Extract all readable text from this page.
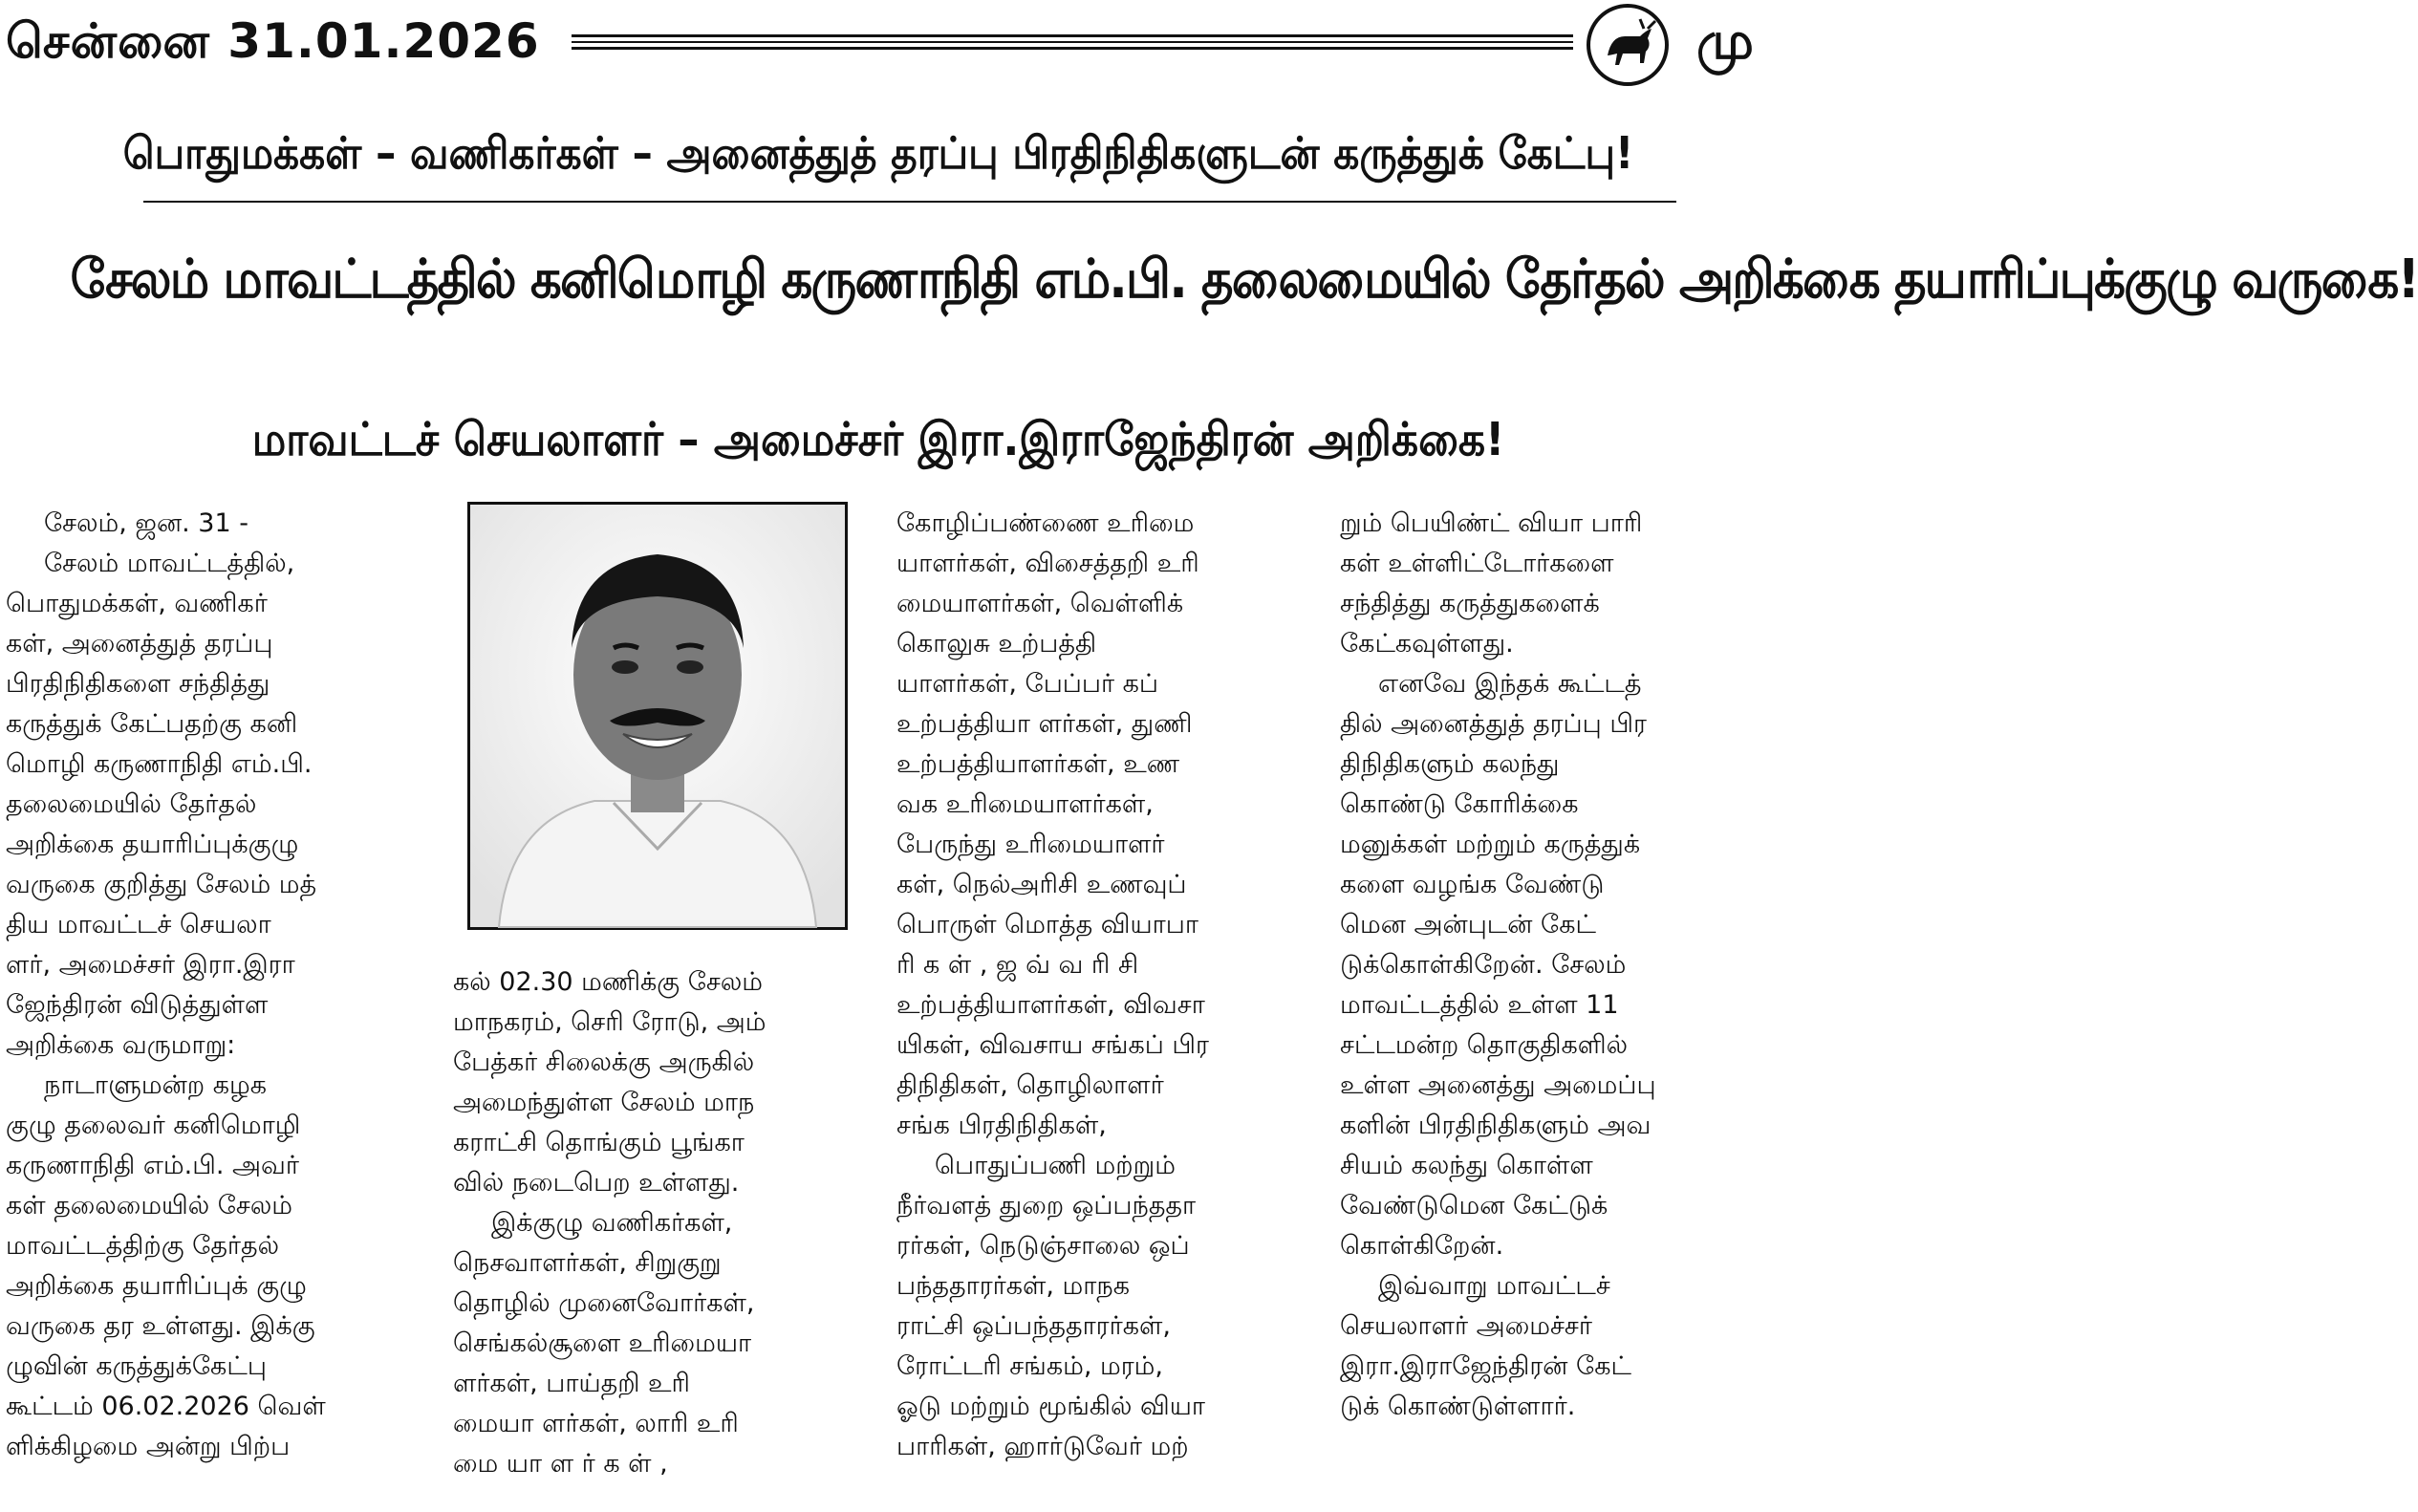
சென்னை 31.01.2026	மு
பொதுமக்கள் – வணிகர்கள் – அனைத்துத் தரப்பு பிரதிநிதிகளுடன் கருத்துக் கேட்பு!
சேலம் மாவட்டத்தில் கனிமொழி கருணாநிதி எம்.பி. தலைமையில் தேர்தல் அறிக்கை தயாரிப்புக்குழு வருகை!
மாவட்டச் செயலாளர் – அமைச்சர் இரா.இராஜேந்திரன் அறிக்கை!

சேலம், ஜன. 31 -

சேலம் மாவட்டத்தில்,

பொதுமக்கள், வணிகர்

கள், அனைத்துத் தரப்பு

பிரதிநிதிகளை சந்தித்து

கருத்துக் கேட்பதற்கு கனி

மொழி கருணாநிதி எம்.பி.

தலைமையில் தேர்தல்

அறிக்கை தயாரிப்புக்குழு

வருகை குறித்து சேலம் மத்

திய மாவட்டச் செயலா

ளர், அமைச்சர் இரா.இரா

ஜேந்திரன் விடுத்துள்ள

அறிக்கை வருமாறு:

நாடாளுமன்ற கழக

குழு தலைவர் கனிமொழி

கருணாநிதி எம்.பி. அவர்

கள் தலைமையில் சேலம்

மாவட்டத்திற்கு தேர்தல்

அறிக்கை தயாரிப்புக் குழு

வருகை தர உள்ளது. இக்கு

ழுவின் கருத்துக்கேட்பு

கூட்டம் 06.02.2026 வெள்

ளிக்கிழமை அன்று பிற்ப

கல் 02.30 மணிக்கு சேலம்

மாநகரம், செரி ரோடு, அம்

பேத்கர் சிலைக்கு அருகில்

அமைந்துள்ள சேலம் மாந

கராட்சி தொங்கும் பூங்கா

வில் நடைபெற உள்ளது.

இக்குழு வணிகர்கள்,

நெசவாளர்கள், சிறுகுறு

தொழில் முனைவோர்கள்,

செங்கல்சூளை உரிமையா

ளர்கள், பாய்தறி உரி

மையா ளர்கள், லாரி உரி

மை யா ள ர் க ள் ,

கோழிப்பண்ணை உரிமை

யாளர்கள், விசைத்தறி உரி

மையாளர்கள், வெள்ளிக்

கொலுசு உற்பத்தி

யாளர்கள், பேப்பர் கப்

உற்பத்தியா ளர்கள், துணி

உற்பத்தியாளர்கள், உண

வக உரிமையாளர்கள்,

பேருந்து உரிமையாளர்

கள், நெல்அரிசி உணவுப்

பொருள் மொத்த வியாபா

ரி க ள் , ஜ வ் வ ரி சி

உற்பத்தியாளர்கள், விவசா

யிகள், விவசாய சங்கப் பிர

திநிதிகள், தொழிலாளர்

சங்க பிரதிநிதிகள்,

பொதுப்பணி மற்றும்

நீர்வளத் துறை ஒப்பந்ததா

ரர்கள், நெடுஞ்சாலை ஒப்

பந்ததாரர்கள், மாநக

ராட்சி ஒப்பந்ததாரர்கள்,

ரோட்டரி சங்கம், மரம்,

ஓடு மற்றும் மூங்கில் வியா

பாரிகள், ஹார்டுவேர் மற்

றும் பெயிண்ட் வியா பாரி

கள் உள்ளிட்டோர்களை

சந்தித்து கருத்துகளைக்

கேட்கவுள்ளது.

எனவே இந்தக் கூட்டத்

தில் அனைத்துத் தரப்பு பிர

திநிதிகளும் கலந்து

கொண்டு கோரிக்கை

மனுக்கள் மற்றும் கருத்துக்

களை வழங்க வேண்டு

மென அன்புடன் கேட்

டுக்கொள்கிறேன். சேலம்

மாவட்டத்தில் உள்ள 11

சட்டமன்ற தொகுதிகளில்

உள்ள அனைத்து அமைப்பு

களின் பிரதிநிதிகளும் அவ

சியம் கலந்து கொள்ள

வேண்டுமென கேட்டுக்

கொள்கிறேன்.

இவ்வாறு மாவட்டச்

செயலாளர் அமைச்சர்

இரா.இராஜேந்திரன் கேட்

டுக் கொண்டுள்ளார்.
